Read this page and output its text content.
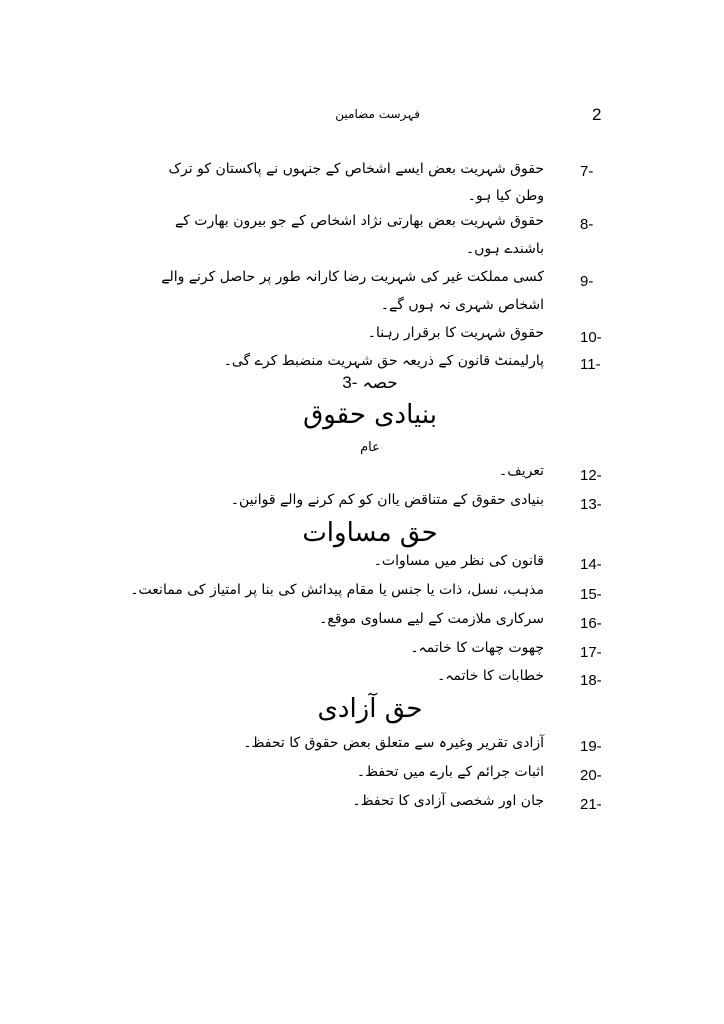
2
فہرست مضامین
7-
حقوق شہریت بعض ایسے اشخاص کے جنہوں نے پاکستان کو ترک
وطن کیا ہو۔
8-
حقوق شہریت بعض بھارتی نژاد اشخاص کے جو بیرون بھارت کے
باشندے ہوں۔
9-
کسی مملکت غیر کی شہریت رضا کارانہ طور پر حاصل کرنے والے
اشخاص شہری نہ ہوں گے۔
10-
حقوق شہریت کا برقرار رہنا۔
11-
پارلیمنٹ قانون کے ذریعہ حق شہریت منضبط کرے گی۔
حصہ 3-
بنیادی حقوق
عام
12-
تعریف۔
13-
بنیادی حقوق کے متناقض یاان کو کم کرنے والے قوانین۔
حق مساوات
14-
قانون کی نظر میں مساوات۔
15-
مذہب، نسل، ذات یا جنس یا مقام پیدائش کی بنا پر امتیاز کی ممانعت۔
16-
سرکاری ملازمت کے لیے مساوی موقع۔
17-
چھوت چھات کا خاتمہ۔
18-
خطابات کا خاتمہ۔
حق آزادی
19-
آزادی تقریر وغیرہ سے متعلق بعض حقوق کا تحفظ۔
20-
اثبات جرائم کے بارے میں تحفظ۔
21-
جان اور شخصی آزادی کا تحفظ۔
